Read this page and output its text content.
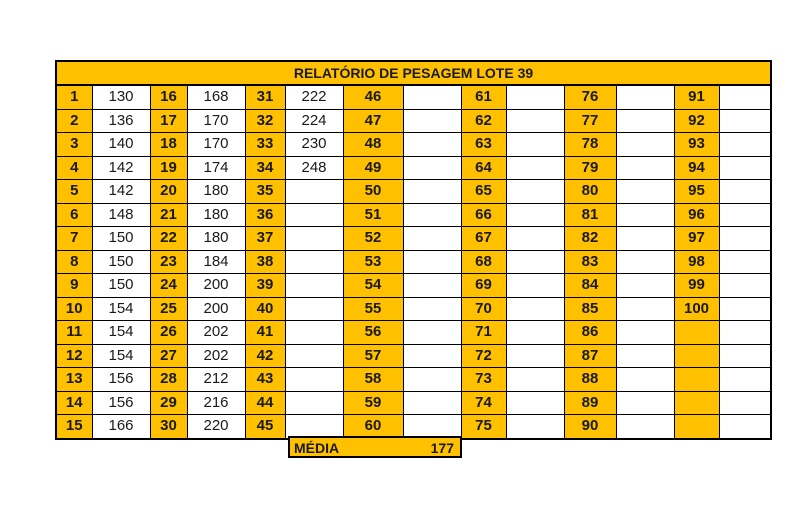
RELATÓRIO DE PESAGEM LOTE 39													
1	130	16	168	31	222	46		61		76		91	
2	136	17	170	32	224	47		62		77		92	
3	140	18	170	33	230	48		63		78		93	
4	142	19	174	34	248	49		64		79		94	
5	142	20	180	35		50		65		80		95	
6	148	21	180	36		51		66		81		96	
7	150	22	180	37		52		67		82		97	
8	150	23	184	38		53		68		83		98	
9	150	24	200	39		54		69		84		99	
10	154	25	200	40		55		70		85		100	
11	154	26	202	41		56		71		86			
12	154	27	202	42		57		72		87			
13	156	28	212	43		58		73		88			
14	156	29	216	44		59		74		89			
15	166	30	220	45		60		75		90			
MÉDIA	177
